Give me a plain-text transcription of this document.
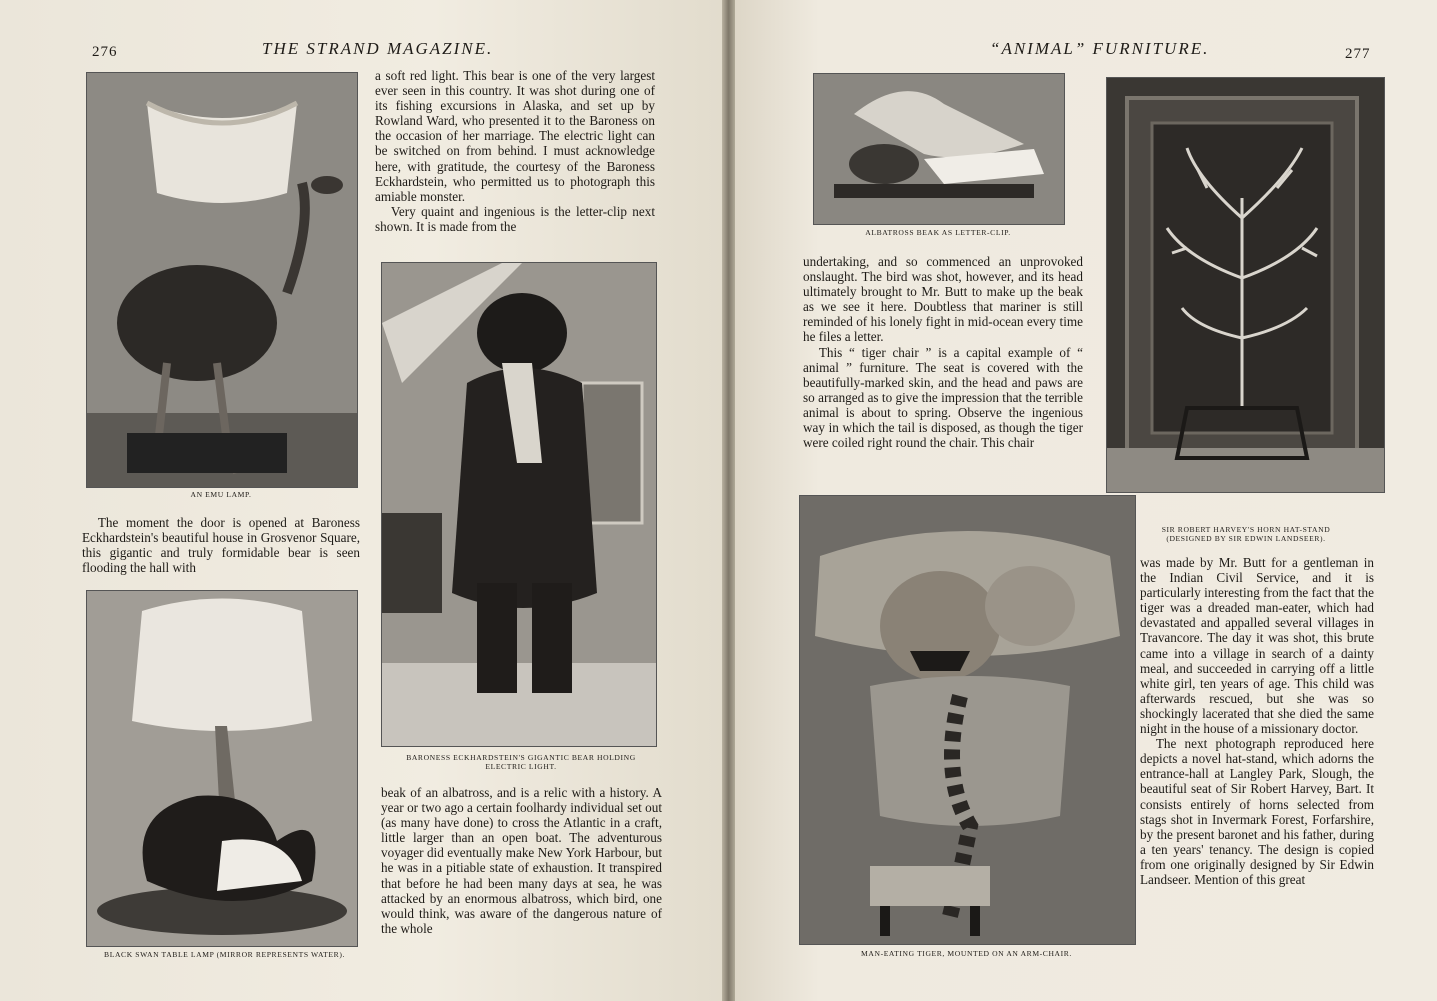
276	THE STRAND MAGAZINE.
AN EMU LAMP.

The moment the door is opened at Baroness Eckhardstein's beautiful house in Grosvenor Square, this gigantic and truly formidable bear is seen flooding the hall with

BLACK SWAN TABLE LAMP (MIRROR REPRESENTS WATER).

a soft red light. This bear is one of the very largest ever seen in this country. It was shot during one of its fishing excursions in Alaska, and set up by Rowland Ward, who presented it to the Baroness on the occasion of her marriage. The electric light can be switched on from behind. I must acknowledge here, with gratitude, the courtesy of the Baroness Eckhardstein, who permitted us to photograph this amiable monster.

Very quaint and ingenious is the letter-clip next shown. It is made from the

BARONESS ECKHARDSTEIN'S GIGANTIC BEAR HOLDING
ELECTRIC LIGHT.

beak of an albatross, and is a relic with a history. A year or two ago a certain foolhardy individual set out (as many have done) to cross the Atlantic in a craft, little larger than an open boat. The adventurous voyager did eventually make New York Harbour, but he was in a pitiable state of exhaustion. It transpired that before he had been many days at sea, he was attacked by an enormous albatross, which bird, one would think, was aware of the dangerous nature of the whole

“ANIMAL” FURNITURE.	277
ALBATROSS BEAK AS LETTER-CLIP.

undertaking, and so commenced an unprovoked onslaught. The bird was shot, however, and its head ultimately brought to Mr. Butt to make up the beak as we see it here. Doubtless that mariner is still reminded of his lonely fight in mid-ocean every time he files a letter.

This “ tiger chair ” is a capital example of “ animal ” furniture. The seat is covered with the beautifully-marked skin, and the head and paws are so arranged as to give the impression that the terrible animal is about to spring. Observe the ingenious way in which the tail is disposed, as though the tiger were coiled right round the chair. This chair

SIR ROBERT HARVEY'S HORN HAT-STAND
(DESIGNED BY SIR EDWIN LANDSEER).
MAN-EATING TIGER, MOUNTED ON AN ARM-CHAIR.

was made by Mr. Butt for a gentleman in the Indian Civil Service, and it is particularly interesting from the fact that the tiger was a dreaded man-eater, which had devastated and appalled several villages in Travancore. The day it was shot, this brute came into a village in search of a dainty meal, and succeeded in carrying off a little white girl, ten years of age. This child was afterwards rescued, but she was so shockingly lacerated that she died the same night in the house of a missionary doctor.

The next photograph reproduced here depicts a novel hat-stand, which adorns the entrance-hall at Langley Park, Slough, the beautiful seat of Sir Robert Harvey, Bart. It consists entirely of horns selected from stags shot in Invermark Forest, Forfarshire, by the present baronet and his father, during a ten years' tenancy. The design is copied from one originally designed by Sir Edwin Landseer. Mention of this great
